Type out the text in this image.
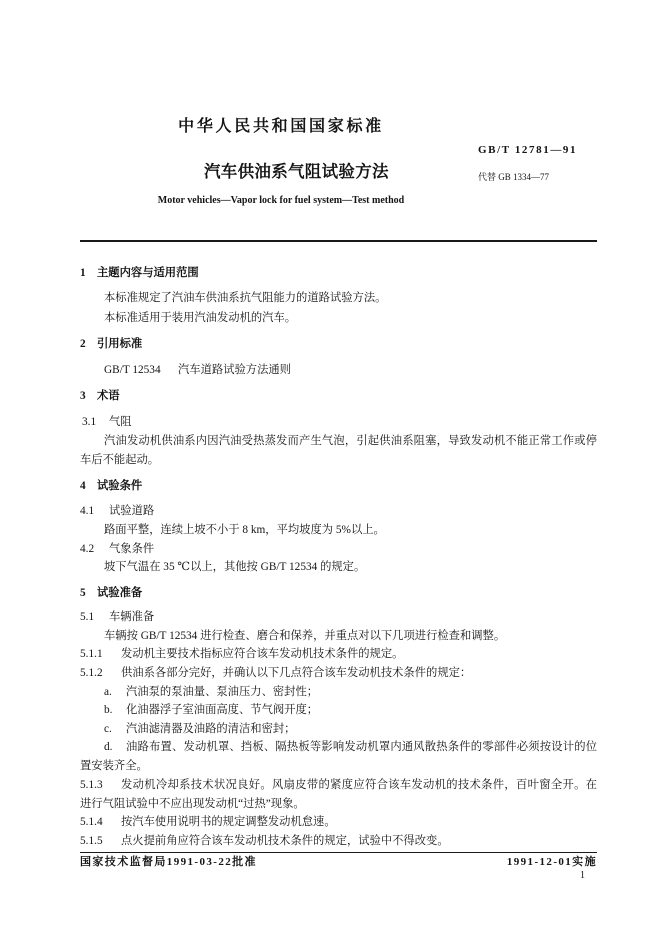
中华人民共和国国家标准
GB/T 12781—91
汽车供油系气阻试验方法	代替 GB 1334—77
Motor vehicles—Vapor lock for fuel system—Test method
1 主题内容与适用范围
本标准规定了汽油车供油系抗气阻能力的道路试验方法。
本标准适用于装用汽油发动机的汽车。
2 引用标准
GB/T 12534 汽车道路试验方法通则
3 术语
3.1 气阻
汽油发动机供油系内因汽油受热蒸发而产生气泡，引起供油系阻塞，导致发动机不能正常工作或停
车后不能起动。
4 试验条件
4.1 试验道路
路面平整，连续上坡不小于 8 km，平均坡度为 5%以上。
4.2 气象条件
坡下气温在 35 ℃以上，其他按 GB/T 12534 的规定。
5 试验准备
5.1 车辆准备
车辆按 GB/T 12534 进行检查、磨合和保养，并重点对以下几项进行检查和调整。
5.1.1 发动机主要技术指标应符合该车发动机技术条件的规定。
5.1.2 供油系各部分完好，并确认以下几点符合该车发动机技术条件的规定：
a. 汽油泵的泵油量、泵油压力、密封性；
b. 化油器浮子室油面高度、节气阀开度；
c. 汽油滤清器及油路的清洁和密封；
d. 油路布置、发动机罩、挡板、隔热板等影响发动机罩内通风散热条件的零部件必须按设计的位
置安装齐全。
5.1.3 发动机冷却系技术状况良好。风扇皮带的紧度应符合该车发动机的技术条件，百叶窗全开。在
进行气阻试验中不应出现发动机“过热”现象。
5.1.4 按汽车使用说明书的规定调整发动机怠速。
5.1.5 点火提前角应符合该车发动机技术条件的规定，试验中不得改变。
国家技术监督局1991-03-22批准	1991-12-01实施
1
